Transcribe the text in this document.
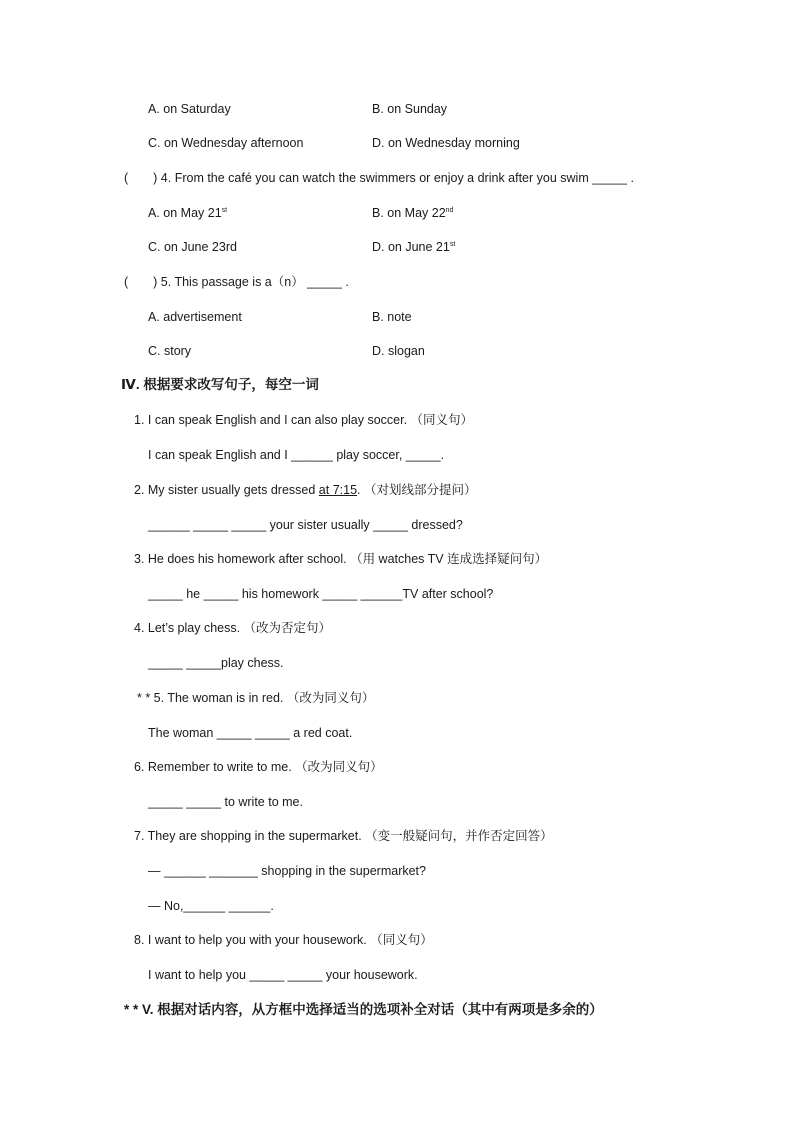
A. on Saturday	B. on Sunday
C. on Wednesday afternoon	D. on Wednesday morning
(　　) 4. From the café you can watch the swimmers or enjoy a drink after you swim _____ .
A. on May 21st	B. on May 22nd
C. on June 23rd	D. on June 21st
(　　) 5. This passage is a（n） _____ .
A. advertisement	B. note
C. story	D. slogan
Ⅳ. 根据要求改写句子，每空一词
1. I can speak English and I can also play soccer. （同义句）
I can speak English and I ______ play soccer, _____.
2. My sister usually gets dressed at 7:15. （对划线部分提问）
______ _____ _____ your sister usually _____ dressed?
3. He does his homework after school. （用 watches TV 连成选择疑问句）
_____ he _____ his homework _____ ______TV after school?
4. Let’s play chess. （改为否定句）
_____ _____play chess.
* * 5. The woman is in red. （改为同义句）
The woman _____ _____ a red coat.
6. Remember to write to me. （改为同义句）
_____ _____ to write to me.
7. They are shopping in the supermarket. （变一般疑问句，并作否定回答）
— ______ _______ shopping in the supermarket?
— No,______ ______.
8. I want to help you with your housework. （同义句）
I want to help you _____ _____ your housework.
* * V. 根据对话内容，从方框中选择适当的选项补全对话（其中有两项是多余的）
